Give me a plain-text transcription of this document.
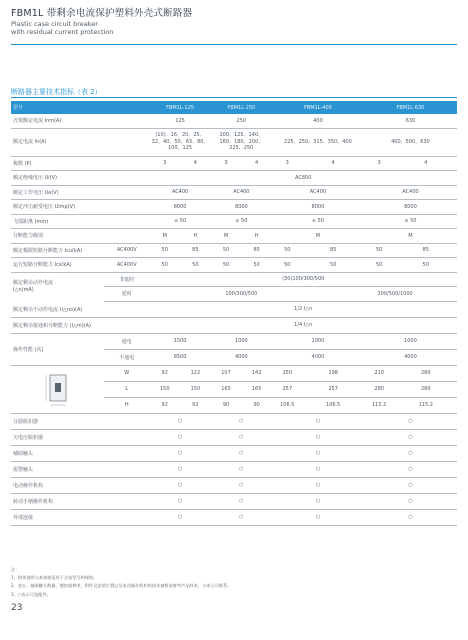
FBM1L 带剩余电流保护塑料外壳式断路器
Plastic case circuit breaker
with residual current protection
断路器主要技术指标（表 2）
型号		FBM1L-125		FBM1L-250		FBM1L-400			FBM1L-630	
壳架额定电流 Inm(A)		125		250		400			630	
额定电流 In(A)		(10)、16、20、25、32、40、50、63、80、100、125		100、125、140、160、180、200、225、250		225、250、315、350、400			400、500、630	
极数 (P)		3	4	3	4	3	4		3	4
额定绝缘电压 Ui(V)		AC800								
额定工作电压 Ue(V)		AC400		AC400		AC400			AC400	
额定冲击耐受电压 Uimp(V)		8000		8000		8000			8000	
飞弧距离 (mm)		≤ 50		≤ 50		≤ 50			≤ 50	
分断能力级别		M	H	M	H	M			M	
额定极限短路分断能力 Icu(kA)	AC400V	50	85	50	85	50	85		50	85
运行短路分断能力 Ics(kA)	AC400V	50	50	50	50	50	50		50	50
额定剩余动作电流
I△n(mA)	非延时	(30)100/300/500								
	延时	100/300/500						300/500/1000		
额定剩余不动作电流 (I△no)(A)		1/2 I△n								
额定剩余接通和分断能力 (I△m)(A)		1/4 I△n								
操作性能 (次)	通电	1500		1000		1000			1000	
	不通电	8500		4000		4000			4000	

	W	92	122	107	142	150	198		210	280
	L	150	150	165	165	257	257		280	280
	H	92	92	90	90	106.5	106.5		115.2	115.2
分励脱扣器		○		○		○			○	
欠电压脱扣器		○		○		○			○	
辅助触头		○		○		○			○	
报警触头		○		○		○			○	
电动操作机构		○		○		○			○	
转动手柄操作机构		○		○		○			○	
外部连接		○		○		○			○	
注：
1、相邻说明与本规格适用于全部型号和规格。
2、表五、辅助触头数量、脱扣器种类、附件及安装位置以及电动操作机构的技术参数请参考产品样本，与本公司联系。
3、○表示可选配件。
23
